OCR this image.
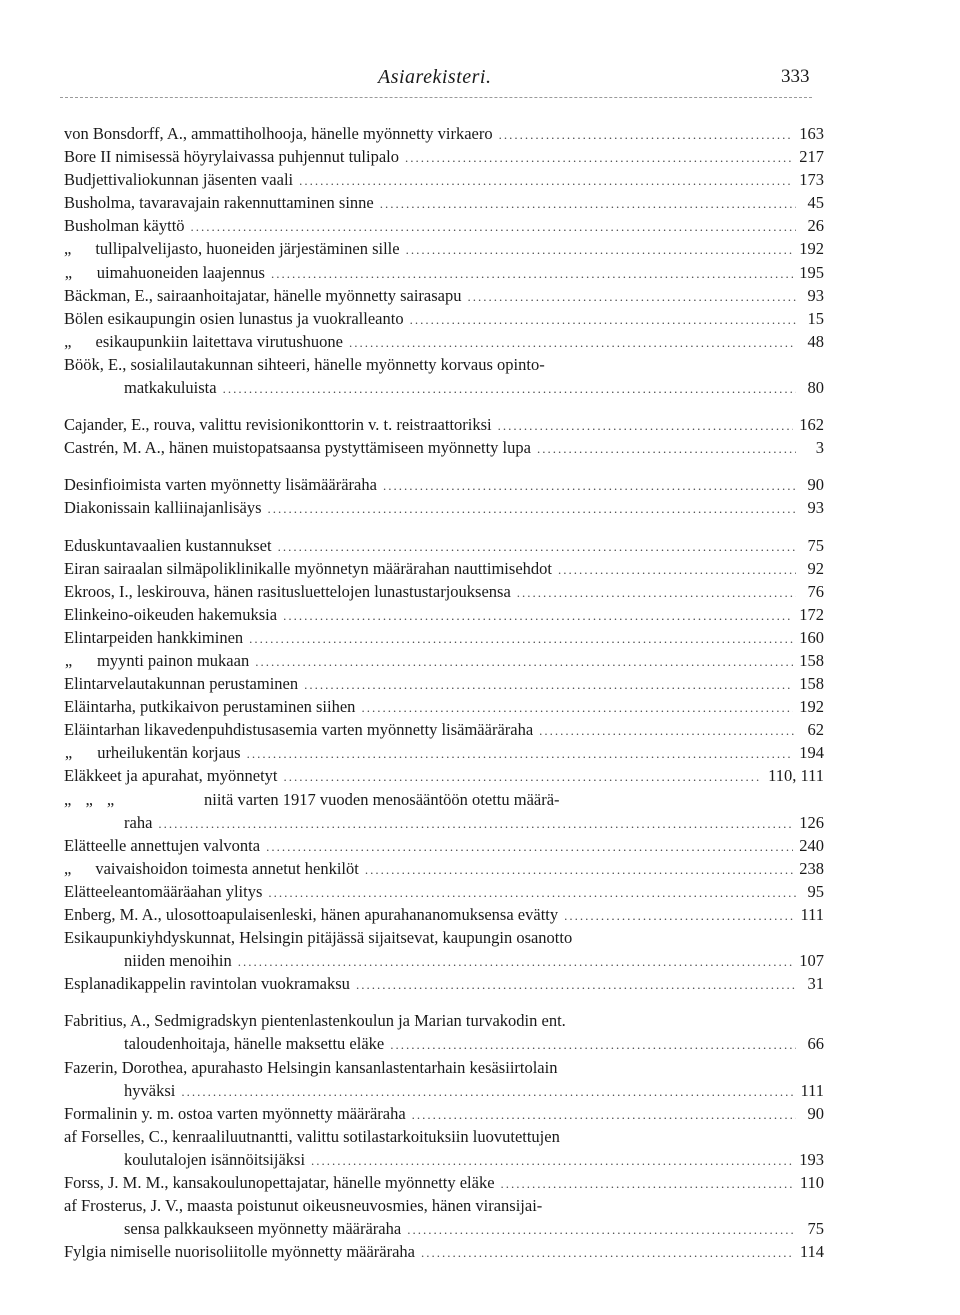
Asiarekisteri.	333
von Bonsdorff, A., ammattiholhooja, hänelle myönnetty virkaero .....	163
Bore II nimisessä höyrylaivassa puhjennut tulipalo .....	217
Budjettivaliokunnan jäsenten vaali .....	173
Busholma, tavaravajain rakennuttaminen sinne .....	45
Busholman käyttö .....	26
„	tullipalvelijasto, huoneiden järjestäminen sille .....	192
„	uimahuoneiden laajennus .....	195
Bäckman, E., sairaanhoitajatar, hänelle myönnetty sairasapu .....	93
Bölen esikaupungin osien lunastus ja vuokralleanto .....	15
„	esikaupunkiin laitettava virutushuone .....	48
Böök, E., sosialilautakunnan sihteeri, hänelle myönnetty korvaus opinto-
matkakuluista .....	80
Cajander, E., rouva, valittu revisionikonttorin v. t. reistraattoriksi .....	162
Castrén, M. A., hänen muistopatsaansa pystyttämiseen myönnetty lupa .....	3
Desinfioimista varten myönnetty lisämääräraha .....	90
Diakonissain kalliinajanlisäys .....	93
Eduskuntavaalien kustannukset .....	75
Eiran sairaalan silmäpoliklinikalle myönnetyn määrärahan nauttimisehdot .....	92
Ekroos, I., leskirouva, hänen rasitusluettelojen lunastustarjouksensa .....	76
Elinkeino-oikeuden hakemuksia .....	172
Elintarpeiden hankkiminen .....	160
„	myynti painon mukaan .....	158
Elintarvelautakunnan perustaminen .....	158
Eläintarha, putkikaivon perustaminen siihen .....	192
Eläintarhan likavedenpuhdistusasemia varten myönnetty lisämääräraha .....	62
„	urheilukentän korjaus .....	194
Eläkkeet ja apurahat, myönnetyt .....	110, 111
„ „ „	niitä varten 1917 vuoden menosääntöön otettu määrä-
raha .....	126
Elätteelle annettujen valvonta .....	240
„	vaivaishoidon toimesta annetut henkilöt .....	238
Elätteeleantomääräahan ylitys .....	95
Enberg, M. A., ulosottoapulaisenleski, hänen apurahananomuksensa evätty .....	111
Esikaupunkiyhdyskunnat, Helsingin pitäjässä sijaitsevat, kaupungin osanotto
niiden menoihin .....	107
Esplanadikappelin ravintolan vuokramaksu .....	31
Fabritius, A., Sedmigradskyn pientenlastenkoulun ja Marian turvakodin ent.
taloudenhoitaja, hänelle maksettu eläke .....	66
Fazerin, Dorothea, apurahasto Helsingin kansanlastentarhain kesäsiirtolain
hyväksi .....	111
Formalinin y. m. ostoa varten myönnetty määräraha .....	90
af Forselles, C., kenraaliluutnantti, valittu sotilastarkoituksiin luovutettujen
koulutalojen isännöitsijäksi .....	193
Forss, J. M. M., kansakoulunopettajatar, hänelle myönnetty eläke .....	110
af Frosterus, J. V., maasta poistunut oikeusneuvosmies, hänen viransijai-
sensa palkkaukseen myönnetty määräraha .....	75
Fylgia nimiselle nuorisoliitolle myönnetty määräraha .....	114
